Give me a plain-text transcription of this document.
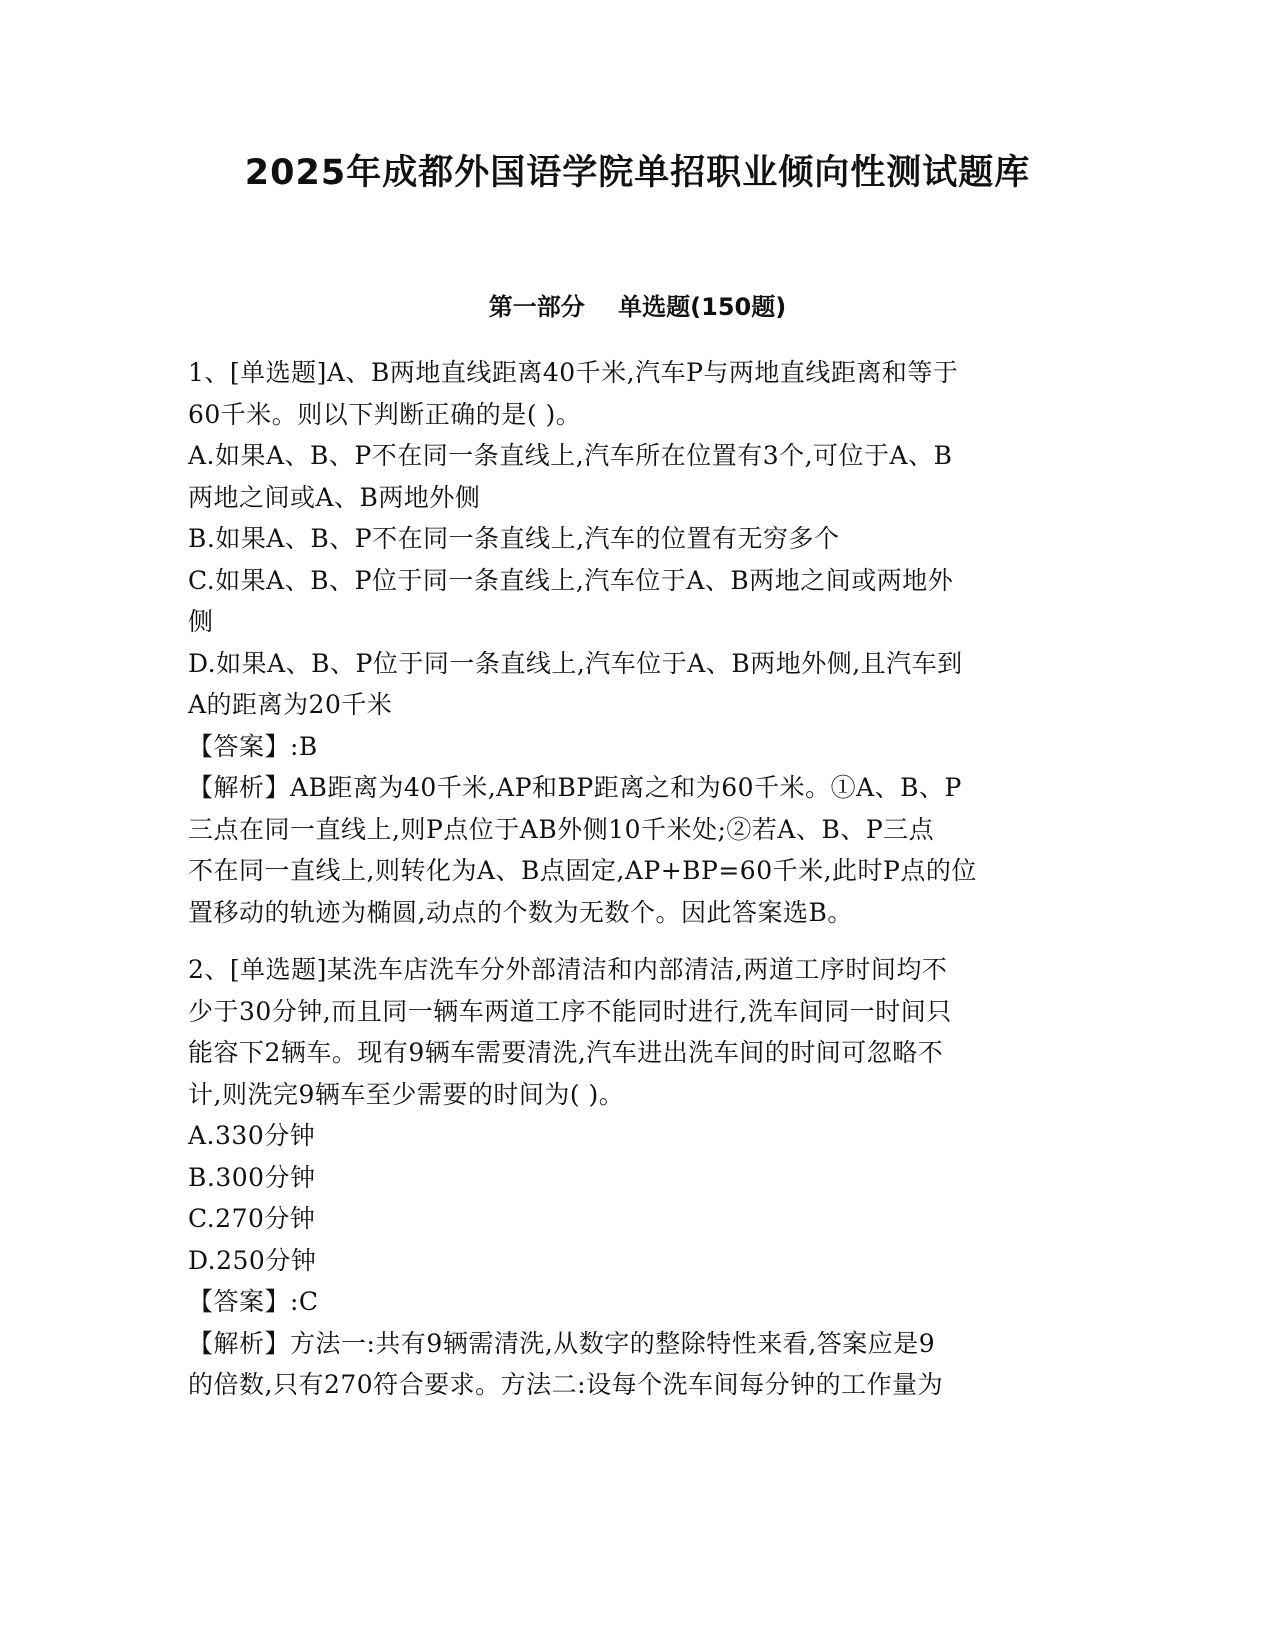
2025年成都外国语学院单招职业倾向性测试题库
第一部分    单选题(150题)
1、[单选题]A、B两地直线距离40千米,汽车P与两地直线距离和等于
60千米。则以下判断正确的是( )。
A.如果A、B、P不在同一条直线上,汽车所在位置有3个,可位于A、B
两地之间或A、B两地外侧
B.如果A、B、P不在同一条直线上,汽车的位置有无穷多个
C.如果A、B、P位于同一条直线上,汽车位于A、B两地之间或两地外
侧
D.如果A、B、P位于同一条直线上,汽车位于A、B两地外侧,且汽车到
A的距离为20千米
【答案】:B
【解析】AB距离为40千米,AP和BP距离之和为60千米。①A、B、P
三点在同一直线上,则P点位于AB外侧10千米处;②若A、B、P三点
不在同一直线上,则转化为A、B点固定,AP+BP=60千米,此时P点的位
置移动的轨迹为椭圆,动点的个数为无数个。因此答案选B。
2、[单选题]某洗车店洗车分外部清洁和内部清洁,两道工序时间均不
少于30分钟,而且同一辆车两道工序不能同时进行,洗车间同一时间只
能容下2辆车。现有9辆车需要清洗,汽车进出洗车间的时间可忽略不
计,则洗完9辆车至少需要的时间为( )。
A.330分钟
B.300分钟
C.270分钟
D.250分钟
【答案】:C
【解析】方法一:共有9辆需清洗,从数字的整除特性来看,答案应是9
的倍数,只有270符合要求。方法二:设每个洗车间每分钟的工作量为
